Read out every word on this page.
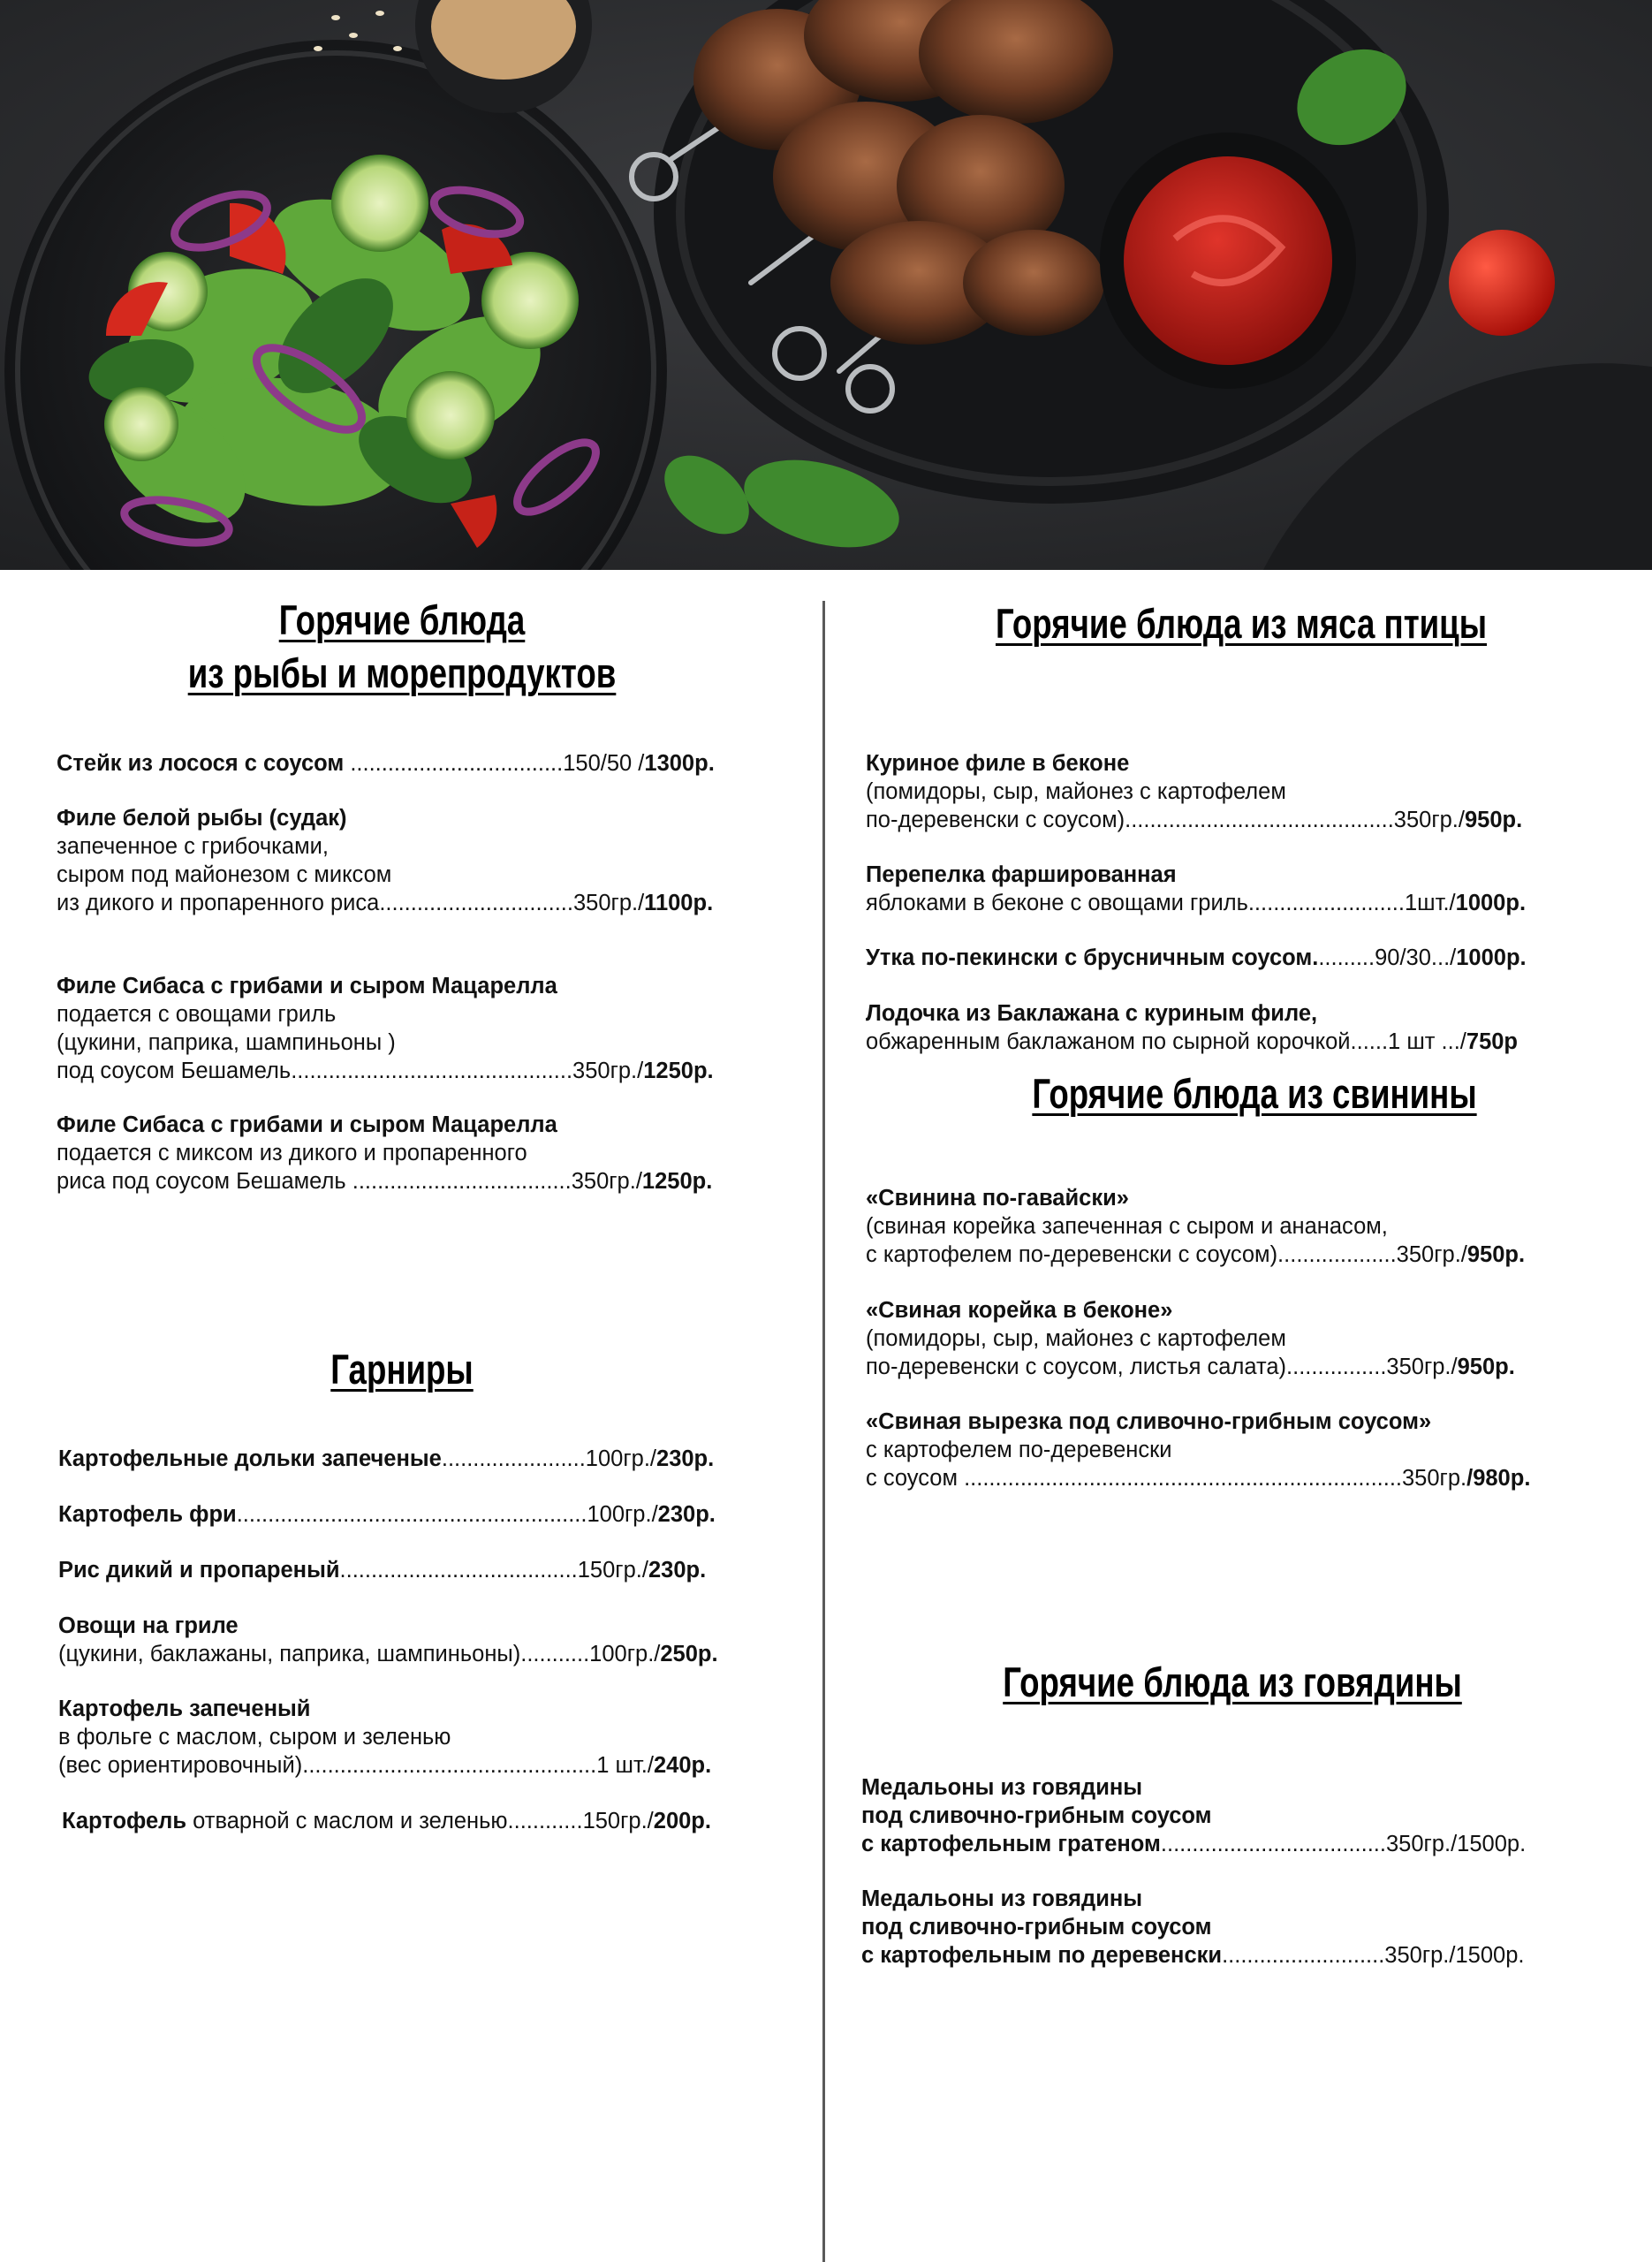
Горячие блюда
из рыбы и морепродуктов
Стейк из лосося с соусом ..................................150/50 /1300р.
Филе белой рыбы (судак)
запеченное с грибочками,
сыром под майонезом с миксом
из дикого и пропаренного риса...............................350гр./1100р.
Филе Сибаса с грибами и сыром Мацарелла
подается с овощами гриль
(цукини, паприка, шампиньоны )
под соусом Бешамель.............................................350гр./1250р.
Филе Сибаса с грибами и сыром Мацарелла
подается с миксом из дикого и пропаренного
риса под соусом Бешамель ...................................350гр./1250р.
Гарниры
Картофельные дольки запеченые.......................100гр./230р.
Картофель фри........................................................100гр./230р.
Рис дикий и пропареный......................................150гр./230р.
Овощи на гриле
(цукини, баклажаны, паприка, шампиньоны)...........100гр./250р.
Картофель запеченый
в фольге с маслом, сыром и зеленью
(вес ориентировочный)...............................................1 шт./240р.
Картофель отварной с маслом и зеленью............150гр./200р.
Горячие блюда из мяса птицы
Куриное филе в беконе
(помидоры, сыр, майонез с картофелем
по-деревенски с соусом)...........................................350гр./950р.
Перепелка фаршированная
яблоками в беконе с овощами гриль.........................1шт./1000р.
Утка по-пекински с брусничным соусом..........90/30.../1000р.
Лодочка из Баклажана с куриным филе,
обжаренным баклажаном по сырной корочкой......1 шт .../750р
Горячие блюда из свинины
«Свинина по-гавайски»
(свиная корейка запеченная с сыром и ананасом,
с картофелем по-деревенски с соусом)...................350гр./950р.
«Свиная корейка в беконе»
(помидоры, сыр, майонез с картофелем
по-деревенски с соусом, листья салата)................350гр./950р.
«Свиная вырезка под сливочно-грибным соусом»
с картофелем по-деревенски
с соусом ......................................................................350гр./980р.
Горячие блюда из говядины
Медальоны из говядины
под сливочно-грибным соусом
с картофельным гратеном....................................350гр./1500р.
Медальоны из говядины
под сливочно-грибным соусом
с картофельным по деревенски..........................350гр./1500р.
